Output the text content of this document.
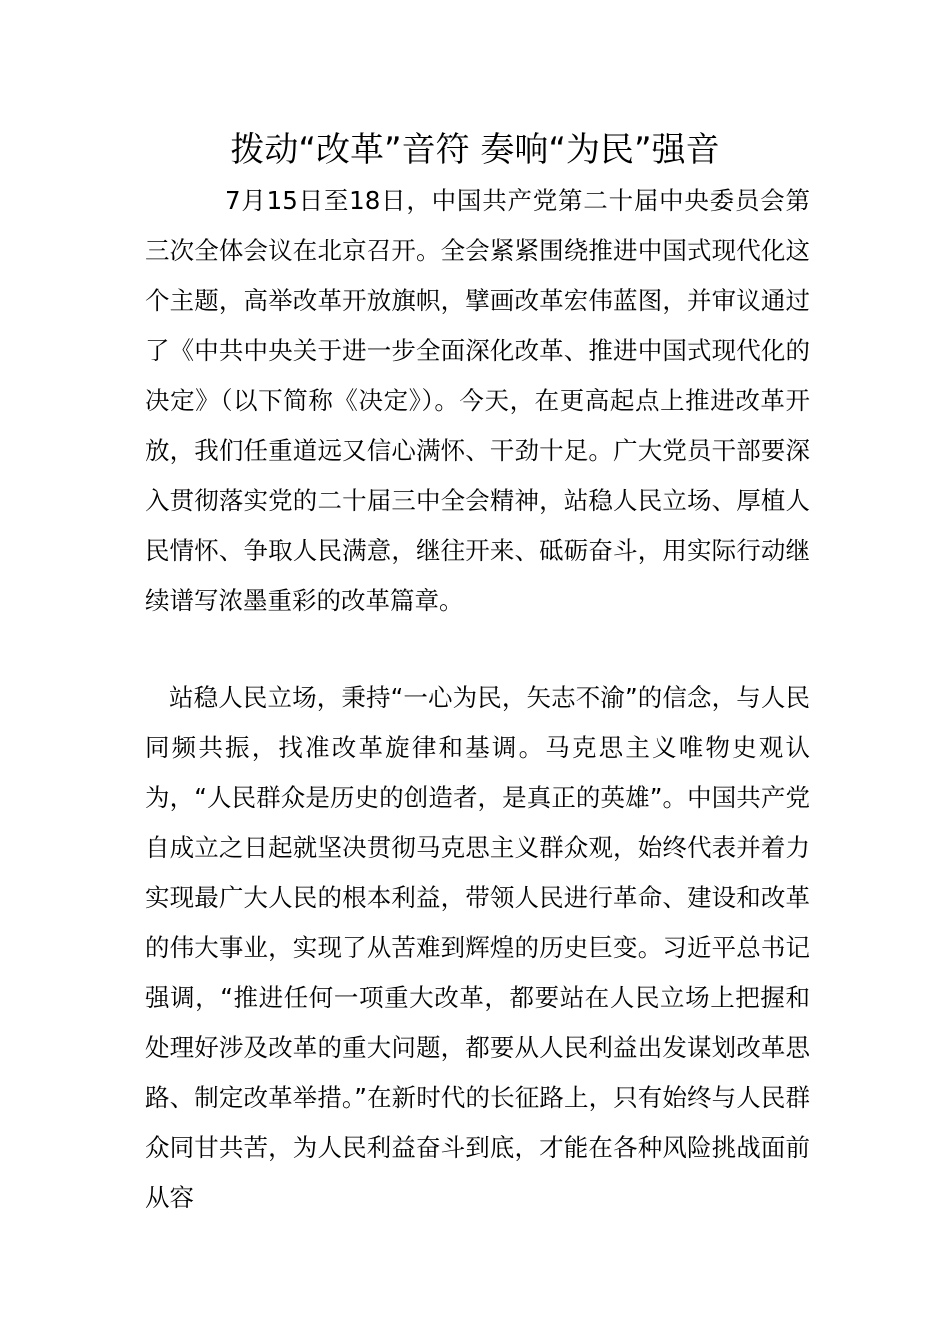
拨动“改革”音符 奏响“为民”强音

7月15日至18日，中国共产党第二十届中央委员会第三次全体会议在北京召开。全会紧紧围绕推进中国式现代化这个主题，高举改革开放旗帜，擘画改革宏伟蓝图，并审议通过了《中共中央关于进一步全面深化改革、推进中国式现代化的决定》（以下简称《决定》）。今天，在更高起点上推进改革开放，我们任重道远又信心满怀、干劲十足。广大党员干部要深入贯彻落实党的二十届三中全会精神，站稳人民立场、厚植人民情怀、争取人民满意，继往开来、砥砺奋斗，用实际行动继续谱写浓墨重彩的改革篇章。

站稳人民立场，秉持“一心为民，矢志不渝”的信念，与人民同频共振，找准改革旋律和基调。马克思主义唯物史观认为，“人民群众是历史的创造者，是真正的英雄”。中国共产党自成立之日起就坚决贯彻马克思主义群众观，始终代表并着力实现最广大人民的根本利益，带领人民进行革命、建设和改革的伟大事业，实现了从苦难到辉煌的历史巨变。习近平总书记强调，“推进任何一项重大改革，都要站在人民立场上把握和处理好涉及改革的重大问题，都要从人民利益出发谋划改革思路、制定改革举措。”在新时代的长征路上，只有始终与人民群众同甘共苦，为人民利益奋斗到底，才能在各种风险挑战面前从容
